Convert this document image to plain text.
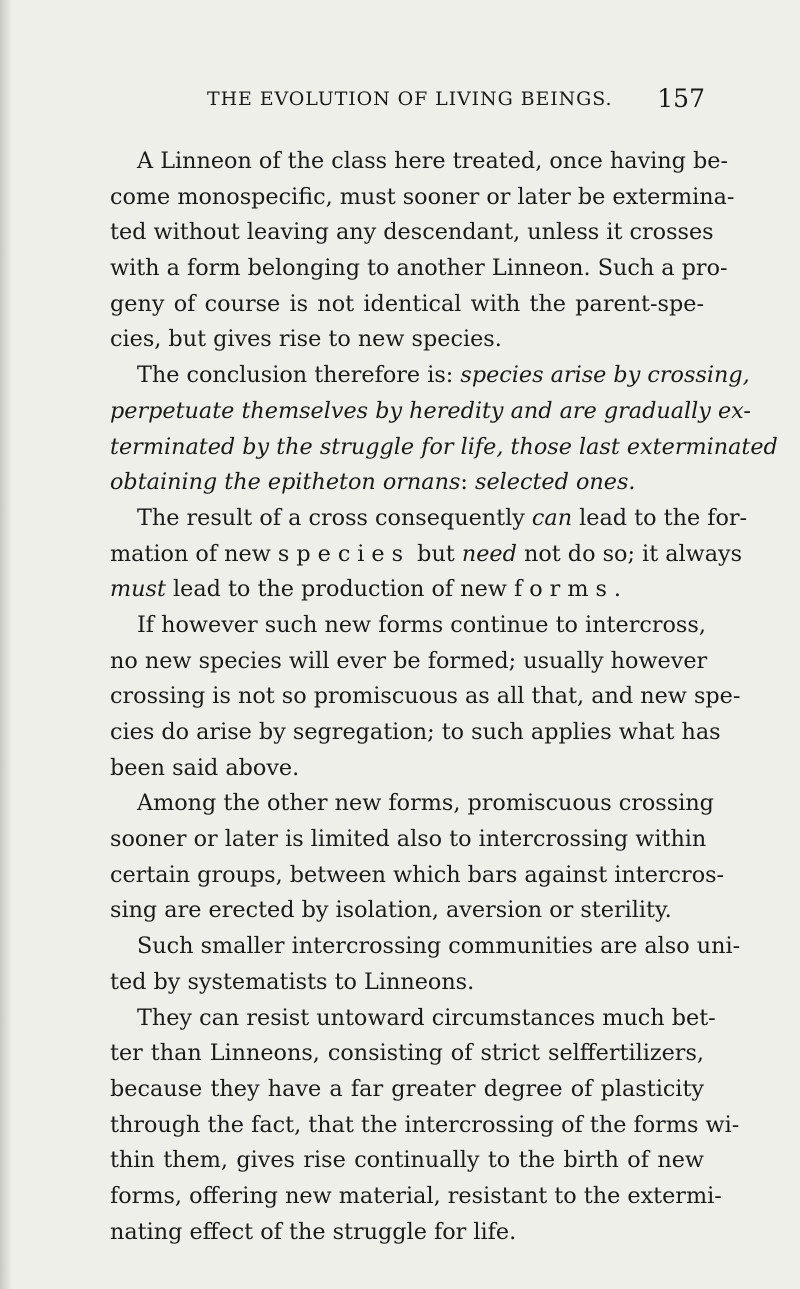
THE EVOLUTION OF LIVING BEINGS. 157
A Linneon of the class here treated, once having be-
come monospecific, must sooner or later be extermina-
ted without leaving any descendant, unless it crosses
with a form belonging to another Linneon. Such a pro-
geny of course is not identical with the parent-spe-
cies, but gives rise to new species.
The conclusion therefore is: species arise by crossing,
perpetuate themselves by heredity and are gradually ex-
terminated by the struggle for life, those last exterminated
obtaining the epitheton ornans: selected ones.
The result of a cross consequently can lead to the for-
mation of new species but need not do so; it always
must lead to the production of new forms.
If however such new forms continue to intercross,
no new species will ever be formed; usually however
crossing is not so promiscuous as all that, and new spe-
cies do arise by segregation; to such applies what has
been said above.
Among the other new forms, promiscuous crossing
sooner or later is limited also to intercrossing within
certain groups, between which bars against intercros-
sing are erected by isolation, aversion or sterility.
Such smaller intercrossing communities are also uni-
ted by systematists to Linneons.
They can resist untoward circumstances much bet-
ter than Linneons, consisting of strict selffertilizers,
because they have a far greater degree of plasticity
through the fact, that the intercrossing of the forms wi-
thin them, gives rise continually to the birth of new
forms, offering new material, resistant to the extermi-
nating effect of the struggle for life.
